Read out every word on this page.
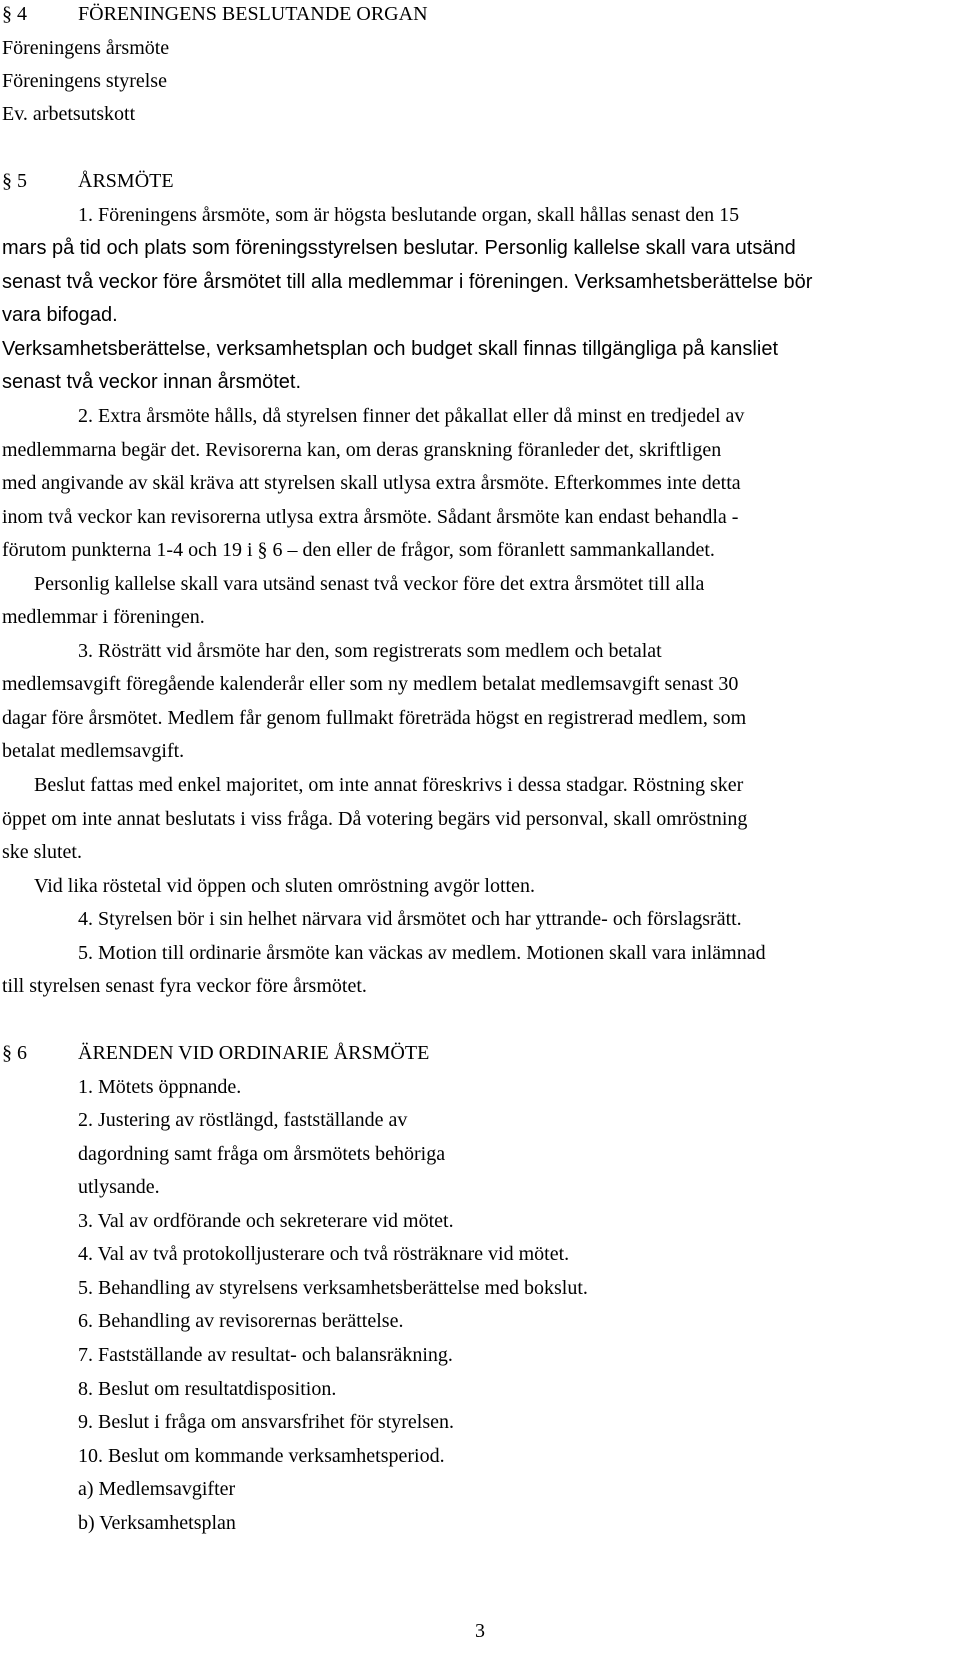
§ 4	FÖRENINGENS BESLUTANDE ORGAN
Föreningens årsmöte
Föreningens styrelse
Ev. arbetsutskott
§ 5	ÅRSMÖTE
1. Föreningens årsmöte, som är högsta beslutande organ, skall hållas senast den 15
mars på tid och plats som föreningsstyrelsen beslutar. Personlig kallelse skall vara utsänd
senast två veckor före årsmötet till alla medlemmar i föreningen. Verksamhetsberättelse bör
vara bifogad.
Verksamhetsberättelse, verksamhetsplan och budget skall finnas tillgängliga på kansliet
senast två veckor innan årsmötet.
2. Extra årsmöte hålls, då styrelsen finner det påkallat eller då minst en tredjedel av
medlemmarna begär det. Revisorerna kan, om deras granskning föranleder det, skriftligen
med angivande av skäl kräva att styrelsen skall utlysa extra årsmöte. Efterkommes inte detta
inom två veckor kan revisorerna utlysa extra årsmöte. Sådant årsmöte kan endast behandla -
förutom punkterna 1-4 och 19 i § 6 – den eller de frågor, som föranlett sammankallandet.
Personlig kallelse skall vara utsänd senast två veckor före det extra årsmötet till alla
medlemmar i föreningen.
3. Rösträtt vid årsmöte har den, som registrerats som medlem och betalat
medlemsavgift föregående kalenderår eller som ny medlem betalat medlemsavgift senast 30
dagar före årsmötet. Medlem får genom fullmakt företräda högst en registrerad medlem, som
betalat medlemsavgift.
Beslut fattas med enkel majoritet, om inte annat föreskrivs i dessa stadgar. Röstning sker
öppet om inte annat beslutats i viss fråga. Då votering begärs vid personval, skall omröstning
ske slutet.
Vid lika röstetal vid öppen och sluten omröstning avgör lotten.
4. Styrelsen bör i sin helhet närvara vid årsmötet och har yttrande- och förslagsrätt.
5. Motion till ordinarie årsmöte kan väckas av medlem. Motionen skall vara inlämnad
till styrelsen senast fyra veckor före årsmötet.
§ 6	ÄRENDEN VID ORDINARIE ÅRSMÖTE
1. Mötets öppnande.
2. Justering av röstlängd, fastställande av
dagordning samt fråga om årsmötets behöriga
utlysande.
3. Val av ordförande och sekreterare vid mötet.
4. Val av två protokolljusterare och två rösträknare vid mötet.
5. Behandling av styrelsens verksamhetsberättelse med bokslut.
6. Behandling av revisorernas berättelse.
7. Fastställande av resultat- och balansräkning.
8. Beslut om resultatdisposition.
9. Beslut i fråga om ansvarsfrihet för styrelsen.
10. Beslut om kommande verksamhetsperiod.
a) Medlemsavgifter
b) Verksamhetsplan
3
